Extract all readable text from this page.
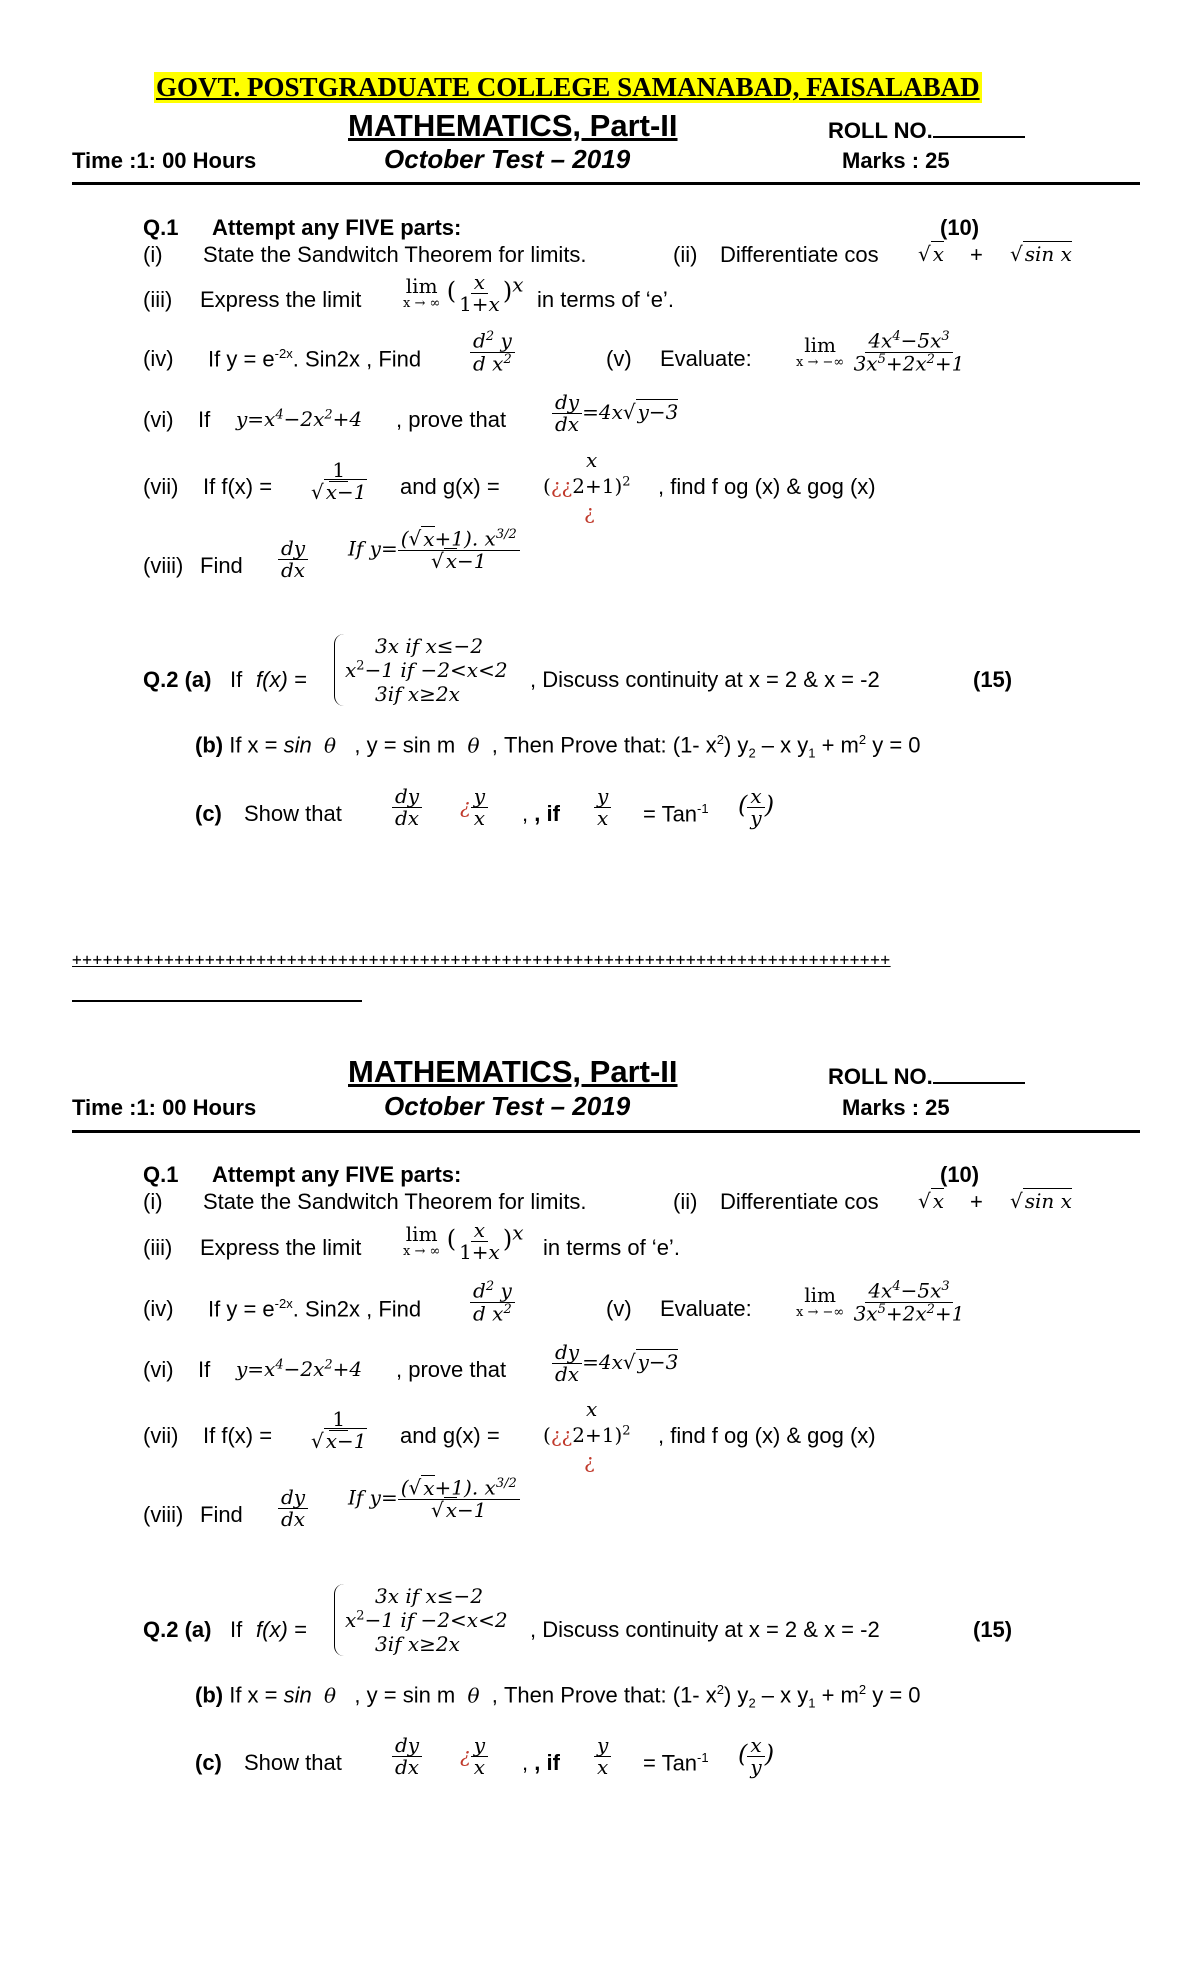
GOVT. POSTGRADUATE COLLEGE SAMANABAD, FAISALABAD
MATHEMATICS, Part-II	ROLL NO.
Time :1: 00 Hours	October Test – 2019	Marks : 25
Q.1 Attempt any FIVE parts:	(10)
(i) State the Sandwitch Theorem for limits.	(ii) Differentiate cos √ x + √ sin x
(iii) Express the limit
lim
x → ∞ ( $\frac{x}{1+x} )^x$
in terms of ‘e’.
(iv) If $y = e^{-2x}$. Sin2x , Find $\frac{d^2 y}{d x^2}$	(v) Evaluate:
lim
x → −∞
$\frac{4x^4-5x^3}{3x^5+2x^2+1}$
(vi) If $y=x^4-2x^2+4$ , prove that $\frac{dy}{dx} =4x√$ y−3
(vii) If $f(x) = \frac{1}{√ x-1}$ and g(x) =
x
(¿¿2+1)$^2$
¿
, find f og (x) & gog (x)
(viii) Find $\frac{dy}{dx}$ If $y= \frac{(√ x+1). x^{3/2}}{√ x-1}$
Q.2 (a) If f(x) =
3x if x≤−2
$x^2-1$ if −2<x<2
3if x≥2x
, Discuss continuity at x = 2 & x = -2	(15)
(b) If x = sin θ , y = sin m θ , Then Prove that: (1- $x^2$) $y_2$ – x $y_1 + m^2$ y = 0
(c) Show that	$\frac{dy}{dx}$ ¿ $\frac{y}{x}$ , , if $\frac{y}{x} = Tan^{-1}$ ( $\frac{x}{y}$ )
++++++++++++++++++++++++++++++++++++++++++++++++++++++++++++++++++++++++++++++++
MATHEMATICS, Part-II	ROLL NO.
Time :1: 00 Hours	October Test – 2019	Marks : 25
Q.1 Attempt any FIVE parts:	(10)
(i) State the Sandwitch Theorem for limits.	(ii) Differentiate cos √ x + √ sin x
(iii) Express the limit
lim
x → ∞ ( $\frac{x}{1+x} )^x$
in terms of ‘e’.
(iv) If $y = e^{-2x}$. Sin2x , Find $\frac{d^2 y}{d x^2}$	(v) Evaluate:
lim
x → −∞
$\frac{4x^4-5x^3}{3x^5+2x^2+1}$
(vi) If $y=x^4-2x^2+4$ , prove that $\frac{dy}{dx} =4x√$ y−3
(vii) If $f(x) = \frac{1}{√ x-1}$ and g(x) =
x
(¿¿2+1)$^2$
¿
, find f og (x) & gog (x)
(viii) Find $\frac{dy}{dx}$ If $y= \frac{(√ x+1). x^{3/2}}{√ x-1}$
Q.2 (a) If f(x) =
3x if x≤−2
$x^2-1$ if −2<x<2
3if x≥2x
, Discuss continuity at x = 2 & x = -2	(15)
(b) If x = sin θ , y = sin m θ , Then Prove that: (1- $x^2$) $y_2$ – x $y_1 + m^2$ y = 0
(c) Show that	$\frac{dy}{dx}$ ¿ $\frac{y}{x}$ , , if $\frac{y}{x} = Tan^{-1}$ ( $\frac{x}{y}$ )
